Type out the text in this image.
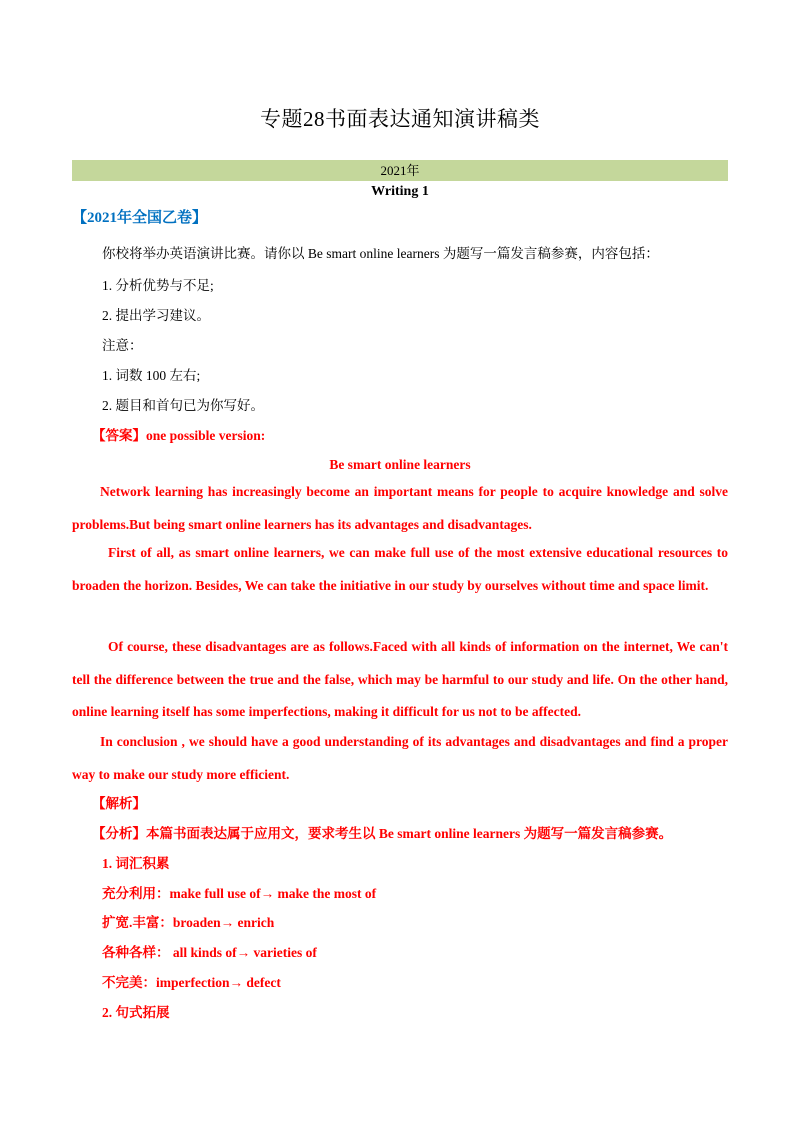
专题28书面表达通知演讲稿类
2021年
Writing 1
【2021年全国乙卷】
你校将举办英语演讲比赛。请你以 Be smart online learners 为题写一篇发言稿参赛，内容包括：
1. 分析优势与不足;
2. 提出学习建议。
注意：
1. 词数 100 左右;
2. 题目和首句已为你写好。
【答案】one possible version:
Be smart online learners

Network learning has increasingly become an important means for people to acquire knowledge and solve problems.But being smart online learners has its advantages and disadvantages.

First of all, as smart online learners, we can make full use of the most extensive educational resources to broaden the horizon. Besides, We can take the initiative in our study by ourselves without time and space limit.

Of course, these disadvantages are as follows.Faced with all kinds of information on the internet, We can't tell the difference between the true and the false, which may be harmful to our study and life. On the other hand, online learning itself has some imperfections, making it difficult for us not to be affected.

In conclusion , we should have a good understanding of its advantages and disadvantages and find a proper way to make our study more efficient.

【解析】
【分析】本篇书面表达属于应用文，要求考生以 Be smart online learners 为题写一篇发言稿参赛。
1. 词汇积累
充分利用：make full use of→ make the most of
扩宽.丰富：broaden→ enrich
各种各样： all kinds of→ varieties of
不完美：imperfection→ defect
2. 句式拓展
